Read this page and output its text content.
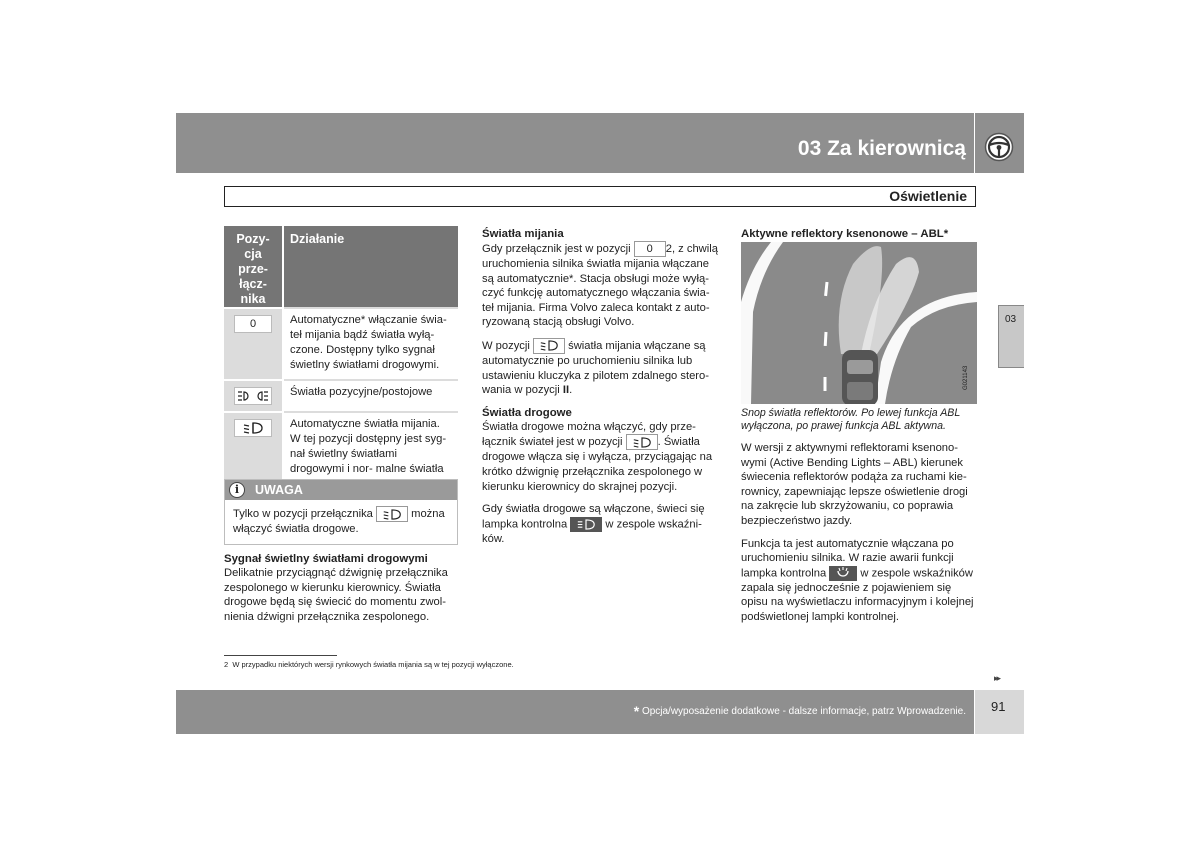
03 Za kierownicą
Oświetlenie
03
Pozy-
cja
prze-
łącz-
nika	Działanie

0	Automatyczne* włączanie świa- teł mijania bądź światła wyłą- czone. Dostępny tylko sygnał świetlny światłami drogowymi.

	Światła pozycyjne/postojowe

	Automatyczne światła mijania. W tej pozycji dostępny jest syg- nał świetlny światłami drogowymi i nor- malne światła
i	UWAGA
Tylko w pozycji przełącznika	można włączyć światła drogowe.
Sygnał świetlny światłami drogowymi

Delikatnie przyciągnąć dźwignię przełącznika zespolonego w kierunku kierownicy. Światła drogowe będą się świecić do momentu zwol- nienia dźwigni przełącznika zespolonego.

Światła mijania

Gdy przełącznik jest w pozycji 0 2, z chwilą uruchomienia silnika światła mijania włączane są automatycznie*. Stacja obsługi może wyłą- czyć funkcję automatycznego włączania świa- teł mijania. Firma Volvo zaleca kontakt z auto- ryzowaną stacją obsługi Volvo.

W pozycji	światła mijania włączane są automatycznie po uruchomieniu silnika lub ustawieniu kluczyka z pilotem zdalnego stero- wania w pozycji II.

Światła drogowe

Światła drogowe można włączyć, gdy prze- łącznik świateł jest w pozycji	. Światła drogowe włącza się i wyłącza, przyciągając na krótko dźwignię przełącznika zespolonego w kierunku kierownicy do skrajnej pozycji.

Gdy światła drogowe są włączone, świeci się lampka kontrolna	w zespole wskaźni- ków.

Aktywne reflektory ksenonowe – ABL*
G021143

Snop światła reflektorów. Po lewej funkcja ABL wyłączona, po prawej funkcja ABL aktywna.

W wersji z aktywnymi reflektorami ksenono- wymi (Active Bending Lights – ABL) kierunek świecenia reflektorów podąża za ruchami kie- rownicy, zapewniając lepsze oświetlenie drogi na zakręcie lub skrzyżowaniu, co poprawia bezpieczeństwo jazdy.

Funkcja ta jest automatycznie włączana po uruchomieniu silnika. W razie awarii funkcji lampka kontrolna	w zespole wskaźników zapala się jednocześnie z pojawieniem się opisu na wyświetlaczu informacyjnym i kolejnej podświetlonej lampki kontrolnej.

2 W przypadku niektórych wersji rynkowych światła mijania są w tej pozycji wyłączone.
▸▸
* Opcja/wyposażenie dodatkowe - dalsze informacje, patrz Wprowadzenie. 91
